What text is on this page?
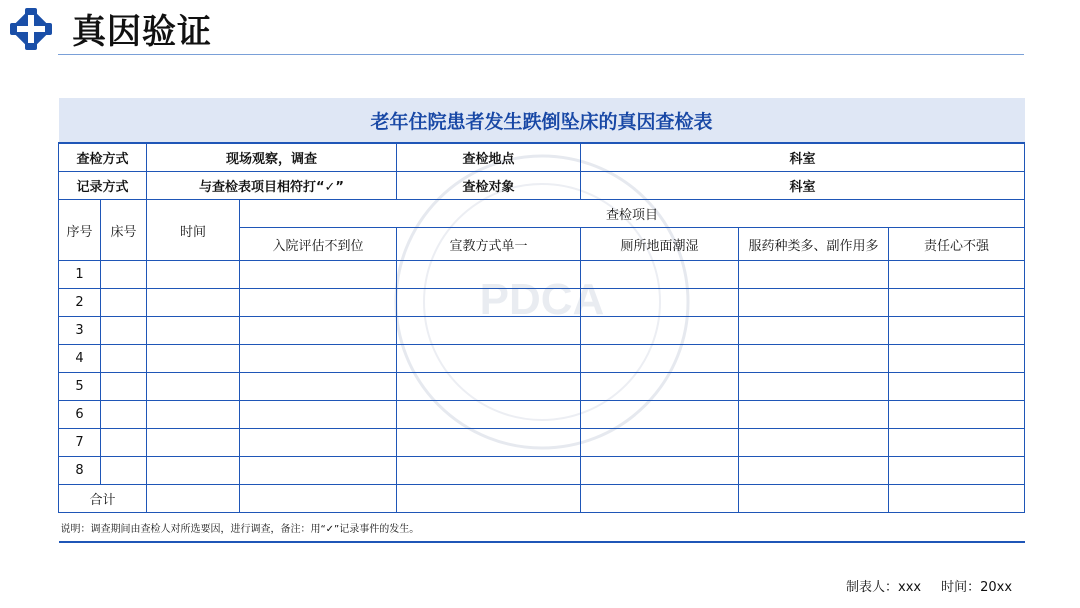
真因验证
PDCA
老年住院患者发生跌倒坠床的真因查检表							
查检方式		现场观察，调查		查检地点	科室		
记录方式		与查检表项目相符打“✓”		查检对象	科室		
序号	床号	时间	查检项目				
			入院评估不到位	宣教方式单一	厕所地面潮湿	服药种类多、副作用多	责任心不强
1							
2							
3							
4							
5							
6							
7							
8							
合计							
说明：调查期间由查检人对所选要因，进行调查，备注：用“✓”记录事件的发生。							
制表人：xxx 时间：20xx
